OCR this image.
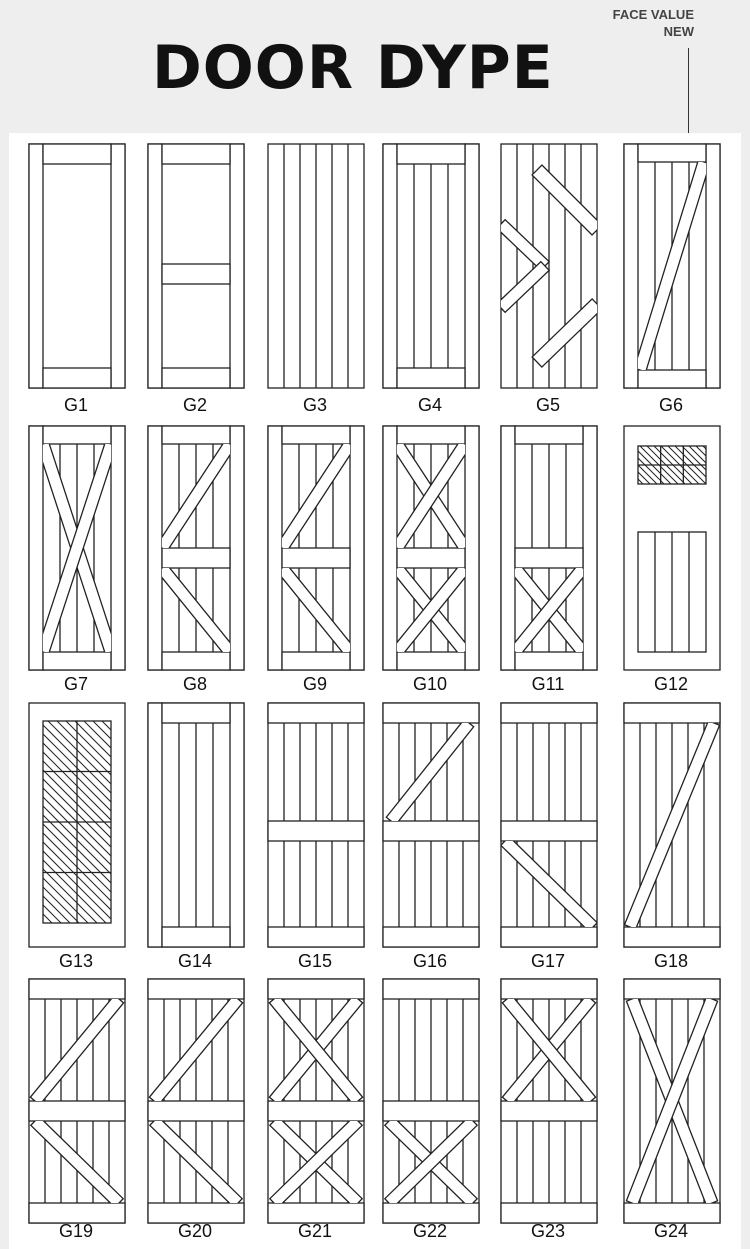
DOOR DYPE
FACE VALUE
NEW
G1	G2	G3	G4	G5	G6
G7	G8	G9	G10	G11	G12
G13	G14	G15	G16	G17	G18
G19	G20	G21	G22	G23	G24
